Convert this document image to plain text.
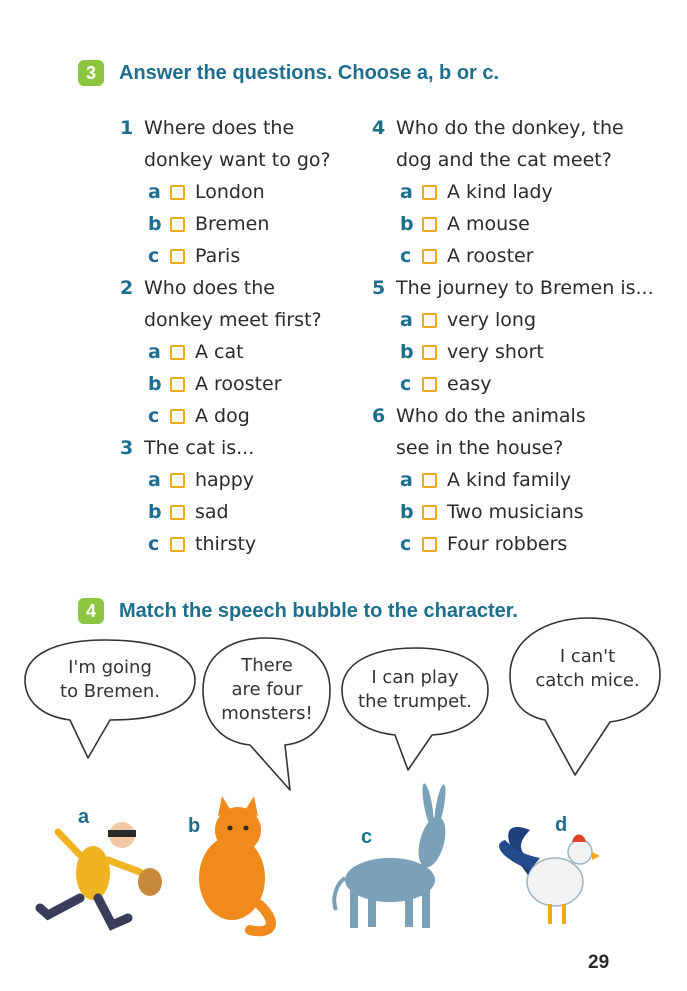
3	Answer the questions. Choose a, b or c.
1 Where does the
donkey want to go?
a	London
b	Bremen
c	Paris
2 Who does the
donkey meet first?
a	A cat
b	A rooster
c	A dog
3 The cat is...
a	happy
b	sad
c	thirsty
4 Who do the donkey, the
dog and the cat meet?
a	A kind lady
b	A mouse
c	A rooster
5 The journey to Bremen is...
a	very long
b	very short
c	easy
6 Who do the animals
see in the house?
a	A kind family
b	Two musicians
c	Four robbers
4	Match the speech bubble to the character.
I'm going
to Bremen.
There
are four
monsters!
I can play
the trumpet.
I can't
catch mice.
a	b	c
d
29
